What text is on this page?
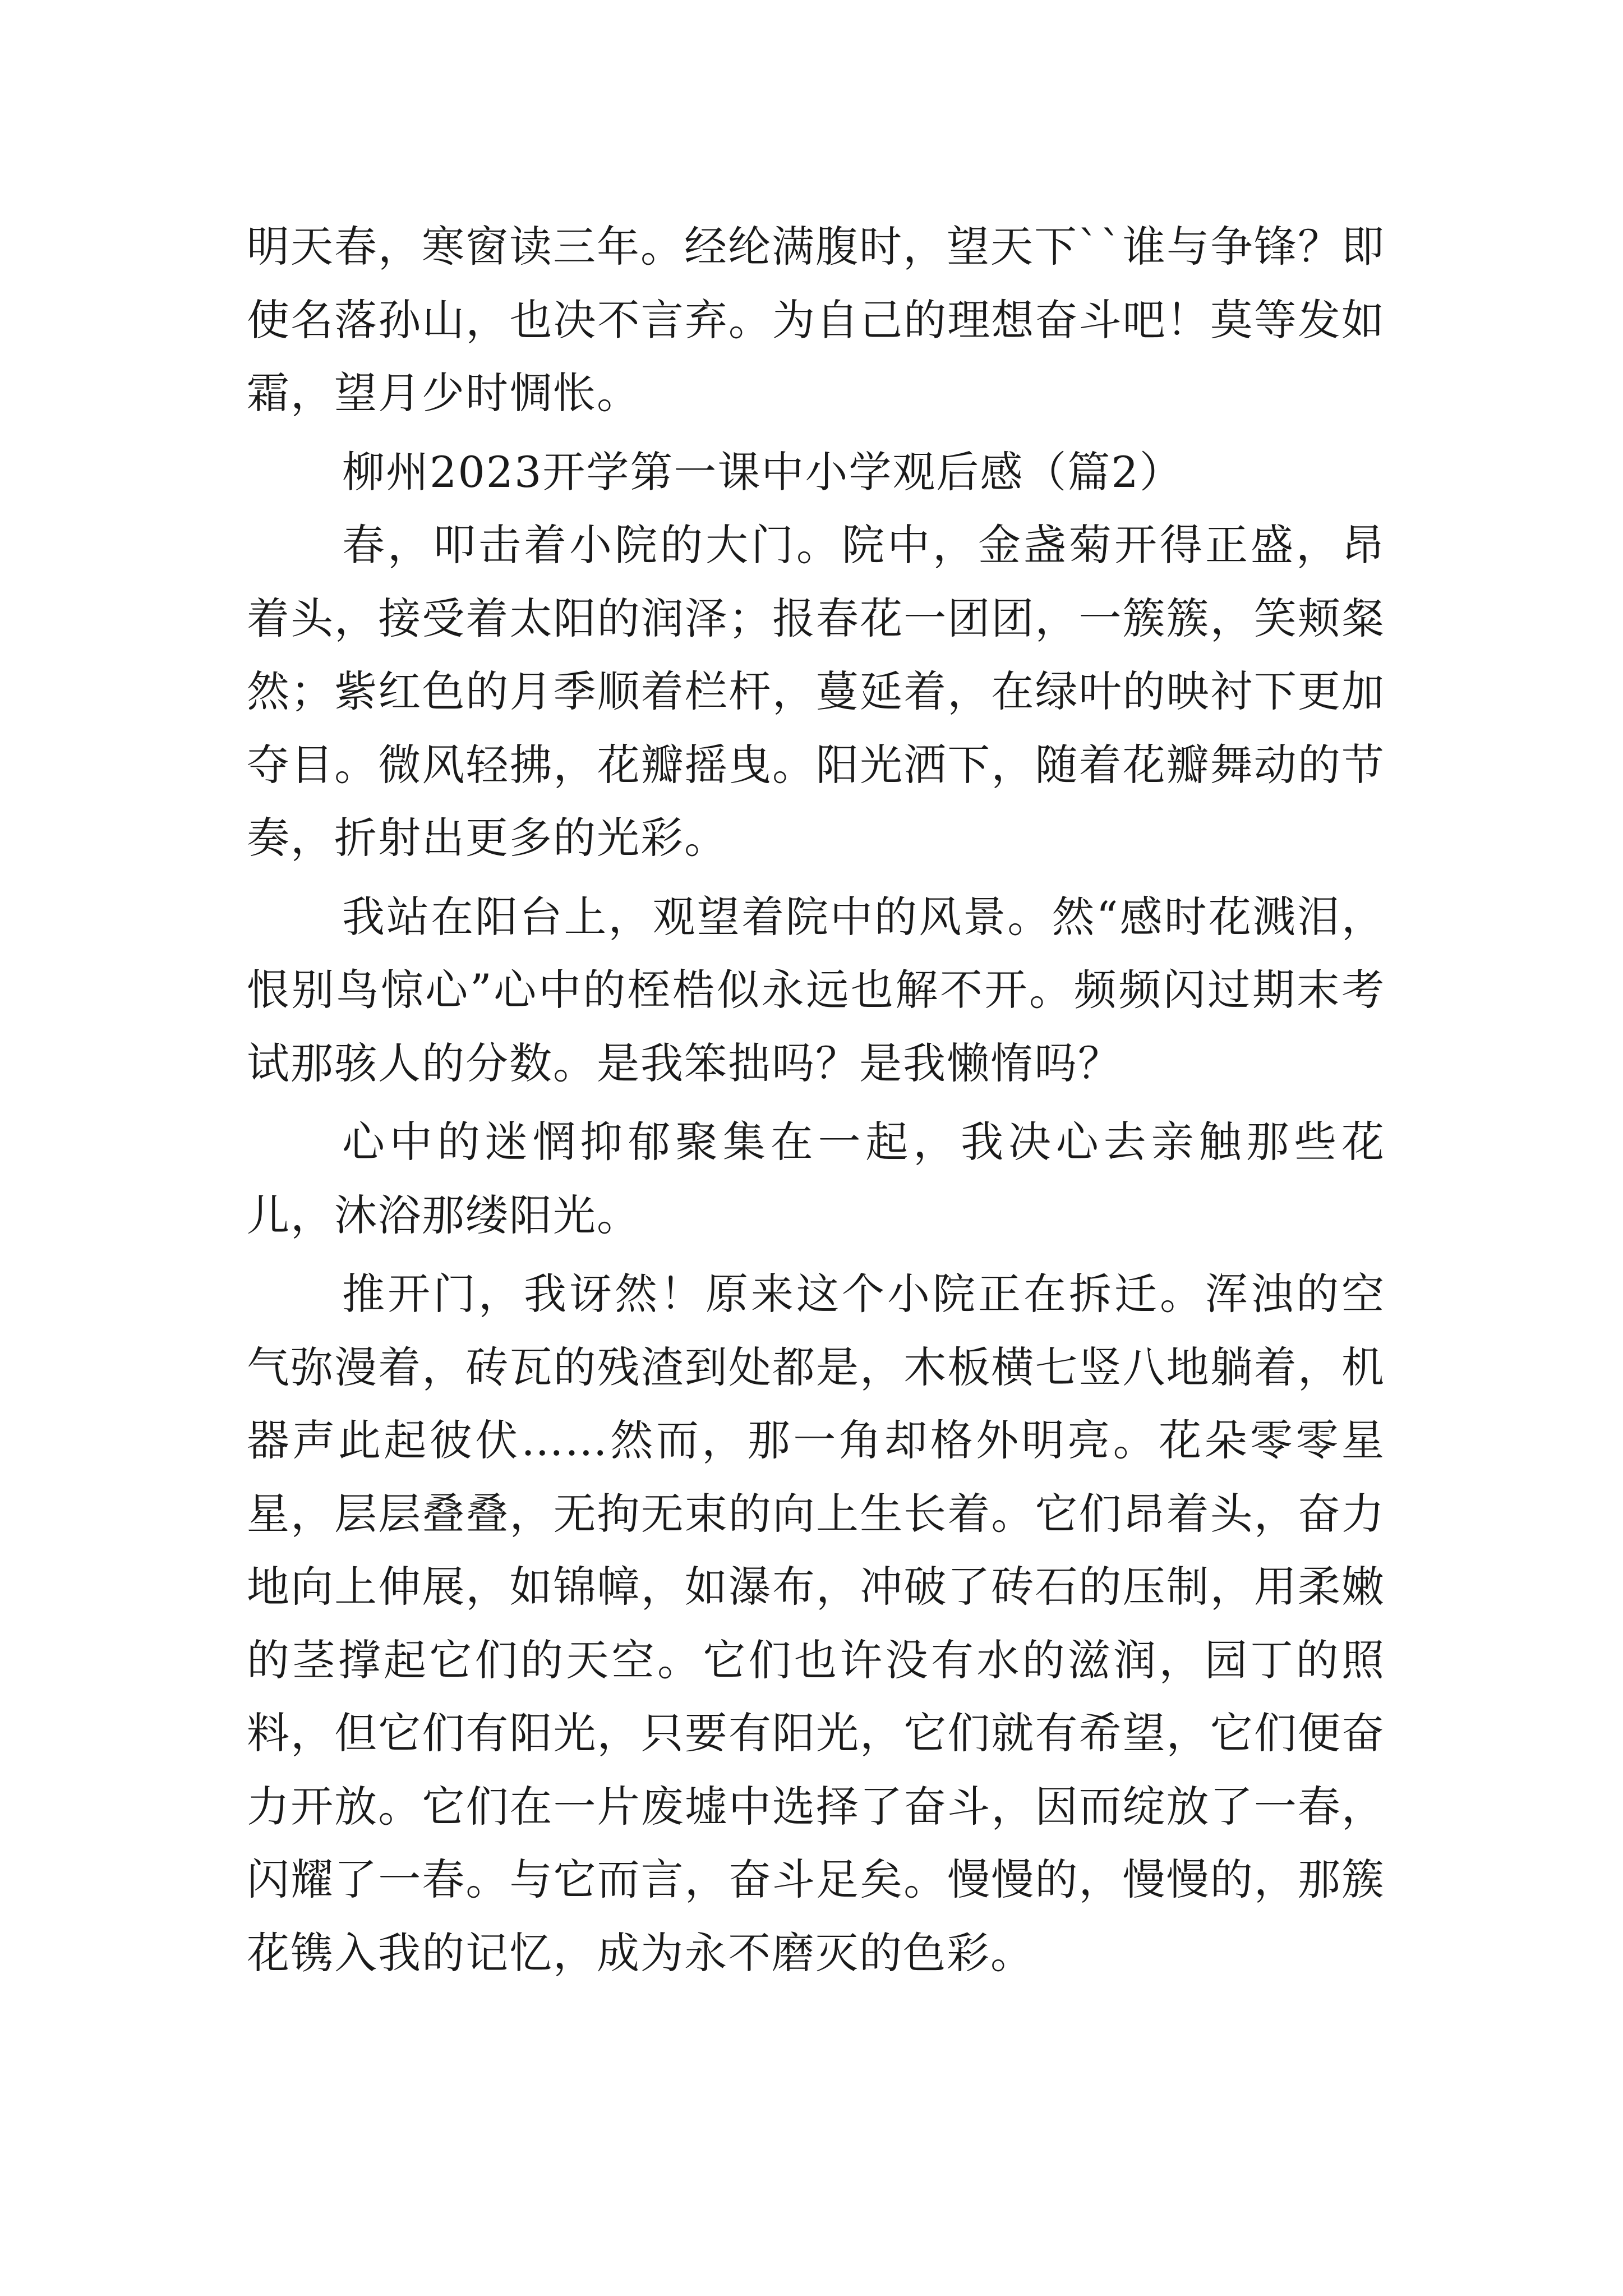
明天春，寒窗读三年。经纶满腹时，望天下``谁与争锋？即使名落孙山，也决不言弃。为自己的理想奋斗吧！莫等发如霜，望月少时惆怅。

柳州2023开学第一课中小学观后感（篇2）

春，叩击着小院的大门。院中，金盏菊开得正盛，昂着头，接受着太阳的润泽；报春花一团团，一簇簇，笑颊粲然；紫红色的月季顺着栏杆，蔓延着，在绿叶的映衬下更加夺目。微风轻拂，花瓣摇曳。阳光洒下，随着花瓣舞动的节奏，折射出更多的光彩。

我站在阳台上，观望着院中的风景。然“感时花溅泪，恨别鸟惊心”心中的桎梏似永远也解不开。频频闪过期末考试那骇人的分数。是我笨拙吗？是我懒惰吗？

心中的迷惘抑郁聚集在一起，我决心去亲触那些花儿，沐浴那缕阳光。

推开门，我讶然！原来这个小院正在拆迁。浑浊的空气弥漫着，砖瓦的残渣到处都是，木板横七竖八地躺着，机器声此起彼伏……然而，那一角却格外明亮。花朵零零星星，层层叠叠，无拘无束的向上生长着。它们昂着头，奋力地向上伸展，如锦幛，如瀑布，冲破了砖石的压制，用柔嫩的茎撑起它们的天空。它们也许没有水的滋润，园丁的照料，但它们有阳光，只要有阳光，它们就有希望，它们便奋力开放。它们在一片废墟中选择了奋斗，因而绽放了一春，闪耀了一春。与它而言，奋斗足矣。慢慢的，慢慢的，那簇花镌入我的记忆，成为永不磨灭的色彩。
